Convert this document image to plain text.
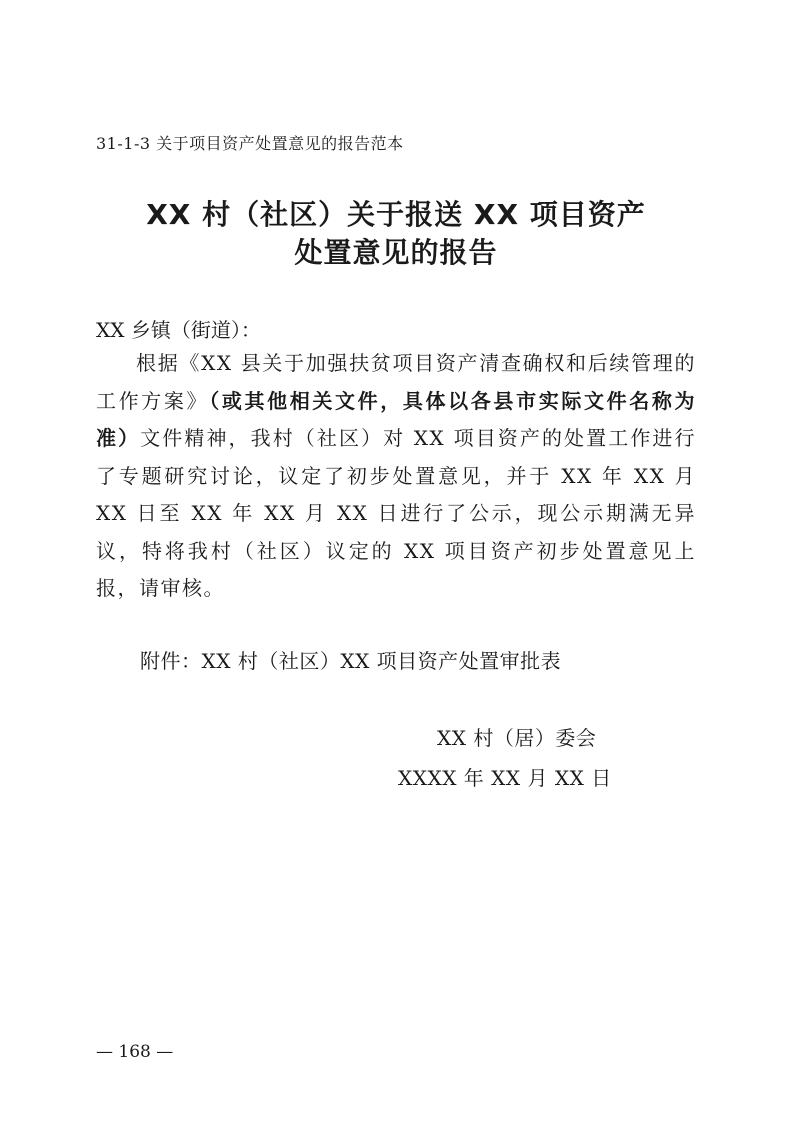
31-1-3 关于项目资产处置意见的报告范本
XX 村（社区）关于报送 XX 项目资产
处置意见的报告
XX 乡镇（街道）：
根据《XX 县关于加强扶贫项目资产清查确权和后续管理的工作方案》（或其他相关文件，具体以各县市实际文件名称为准）文件精神，我村（社区）对 XX 项目资产的处置工作进行了专题研究讨论，议定了初步处置意见，并于 XX 年 XX 月 XX 日至 XX 年 XX 月 XX 日进行了公示，现公示期满无异议，特将我村（社区）议定的 XX 项目资产初步处置意见上报，请审核。
附件：XX 村（社区）XX 项目资产处置审批表
XX 村（居）委会
XXXX 年 XX 月 XX 日
— 168 —
